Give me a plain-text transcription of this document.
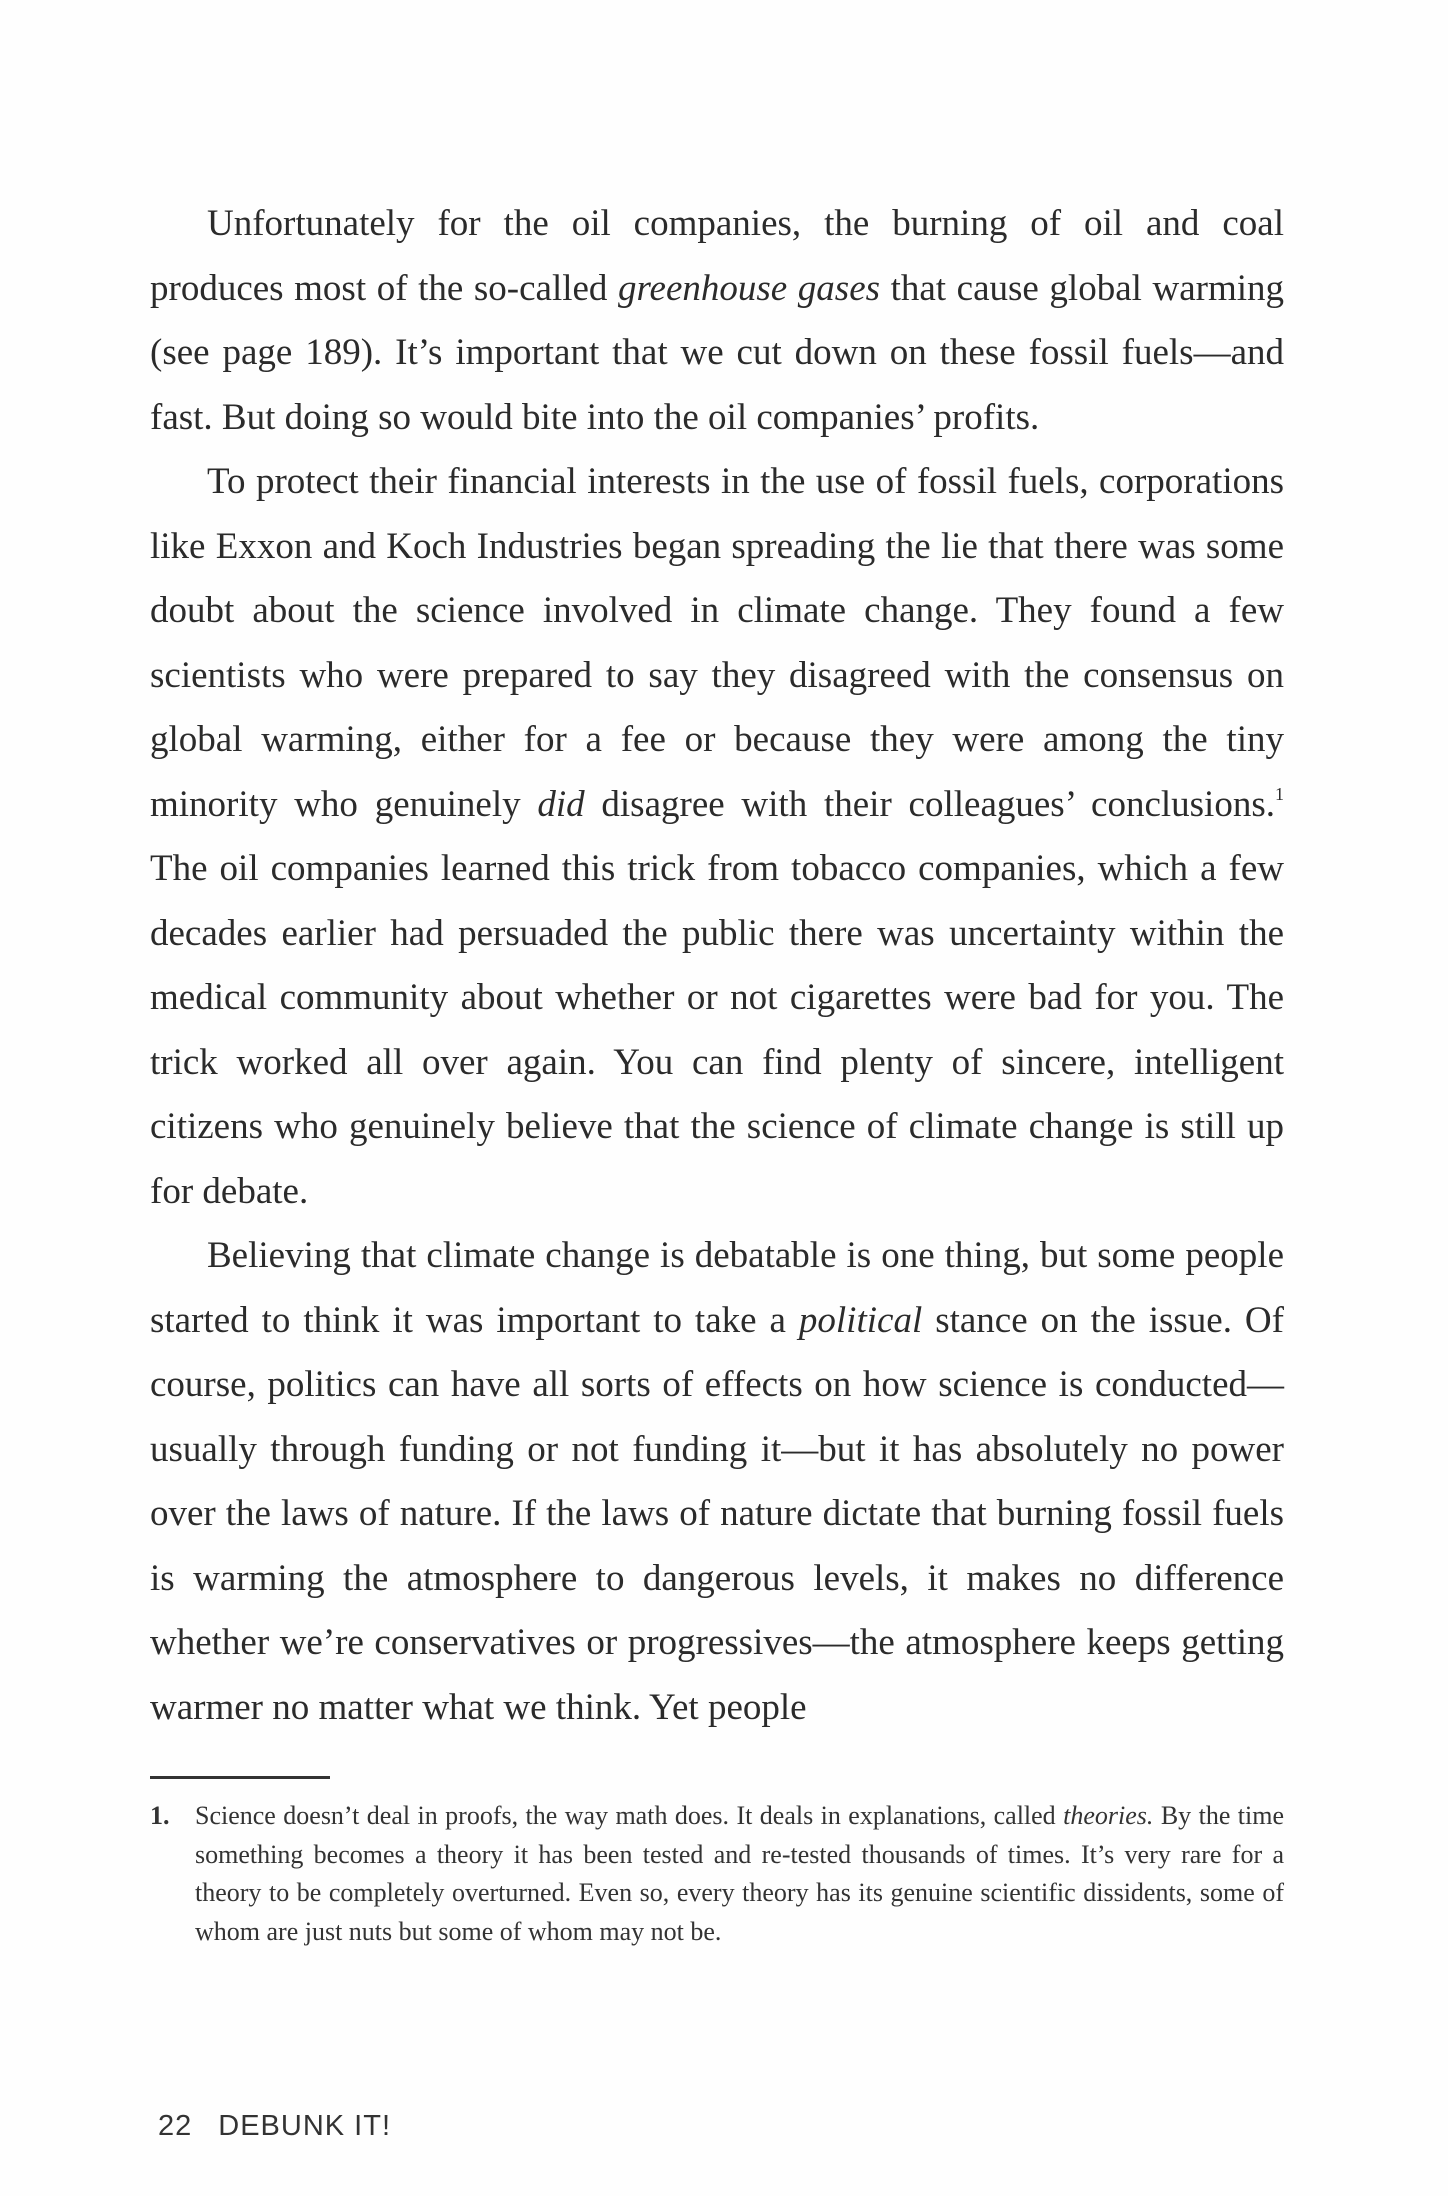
Unfortunately for the oil companies, the burning of oil and coal produces most of the so-called greenhouse gases that cause global warming (see page 189). It’s important that we cut down on these fossil fuels—and fast. But doing so would bite into the oil companies’ profits.

To protect their financial interests in the use of fossil fuels, corporations like Exxon and Koch Industries began spreading the lie that there was some doubt about the science involved in climate change. They found a few scientists who were prepared to say they disagreed with the consensus on global warming, either for a fee or because they were among the tiny minority who genuinely did disagree with their colleagues’ conclusions.$^1$ The oil companies learned this trick from tobacco companies, which a few decades earlier had persuaded the public there was uncertainty within the medical community about whether or not cigarettes were bad for you. The trick worked all over again. You can find plenty of sincere, intelligent citizens who genuinely believe that the science of climate change is still up for debate.

Believing that climate change is debatable is one thing, but some people started to think it was important to take a political stance on the issue. Of course, politics can have all sorts of effects on how science is conducted—usually through funding or not funding it—but it has absolutely no power over the laws of nature. If the laws of nature dictate that burning fossil fuels is warming the atmosphere to dangerous levels, it makes no difference whether we’re conservatives or progressives—the atmosphere keeps getting warmer no matter what we think. Yet people

1. Science doesn’t deal in proofs, the way math does. It deals in explanations, called theories. By the time something becomes a theory it has been tested and re-tested thousands of times. It’s very rare for a theory to be completely overturned. Even so, every theory has its genuine scientific dissidents, some of whom are just nuts but some of whom may not be.

22 DEBUNK IT!
